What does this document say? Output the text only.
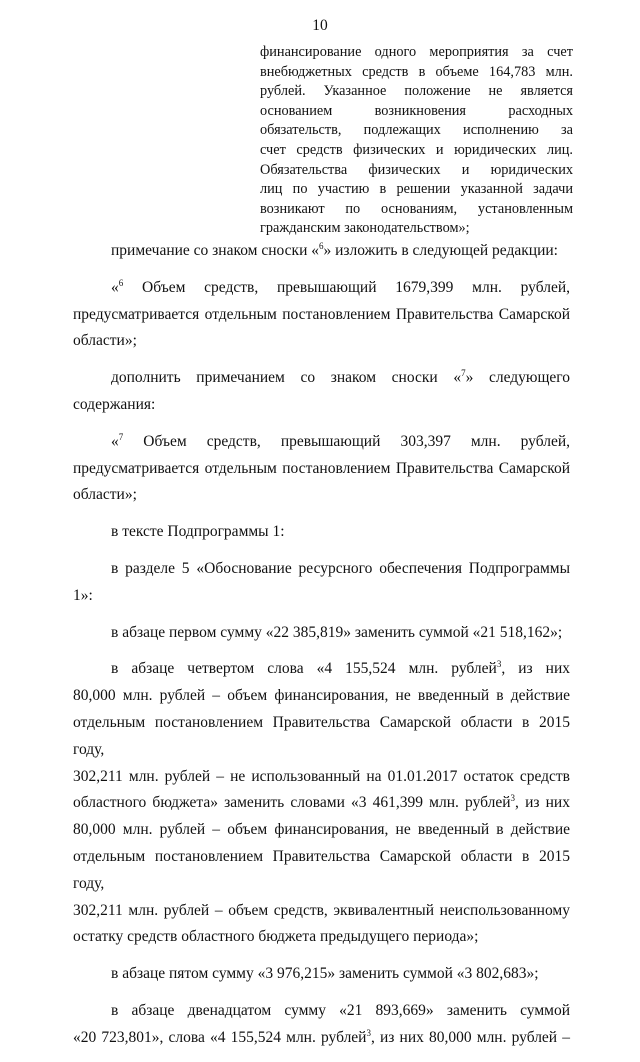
10
финансирование одного мероприятия за счет
внебюджетных средств в объеме 164,783 млн.
рублей. Указанное положение не является
основанием возникновения расходных
обязательств, подлежащих исполнению за
счет средств физических и юридических лиц.
Обязательства физических и юридических
лиц по участию в решении указанной задачи
возникают по основаниям, установленным
гражданским законодательством»;
примечание со знаком сноски «$^6$» изложить в следующей редакции:
«$^6$ Объем средств, превышающий 1679,399 млн. рублей,
предусматривается отдельным постановлением Правительства Самарской
области»;
дополнить примечанием со знаком сноски «$^7$» следующего содержания:
«$^7$ Объем средств, превышающий 303,397 млн. рублей,
предусматривается отдельным постановлением Правительства Самарской
области»;
в тексте Подпрограммы 1:
в разделе 5 «Обоснование ресурсного обеспечения Подпрограммы 1»:
в абзаце первом сумму «22 385,819» заменить суммой «21 518,162»;
в абзаце четвертом слова «4 155,524 млн. рублей$^3$, из них
80,000 млн. рублей – объем финансирования, не введенный в действие
отдельным постановлением Правительства Самарской области в 2015 году,
302,211 млн. рублей – не использованный на 01.01.2017 остаток средств
областного бюджета» заменить словами «3 461,399 млн. рублей$^3$, из них
80,000 млн. рублей – объем финансирования, не введенный в действие
отдельным постановлением Правительства Самарской области в 2015 году,
302,211 млн. рублей – объем средств, эквивалентный неиспользованному
остатку средств областного бюджета предыдущего периода»;
в абзаце пятом сумму «3 976,215» заменить суммой «3 802,683»;
в абзаце двенадцатом сумму «21 893,669» заменить суммой
«20 723,801», слова «4 155,524 млн. рублей$^3$, из них 80,000 млн. рублей –
